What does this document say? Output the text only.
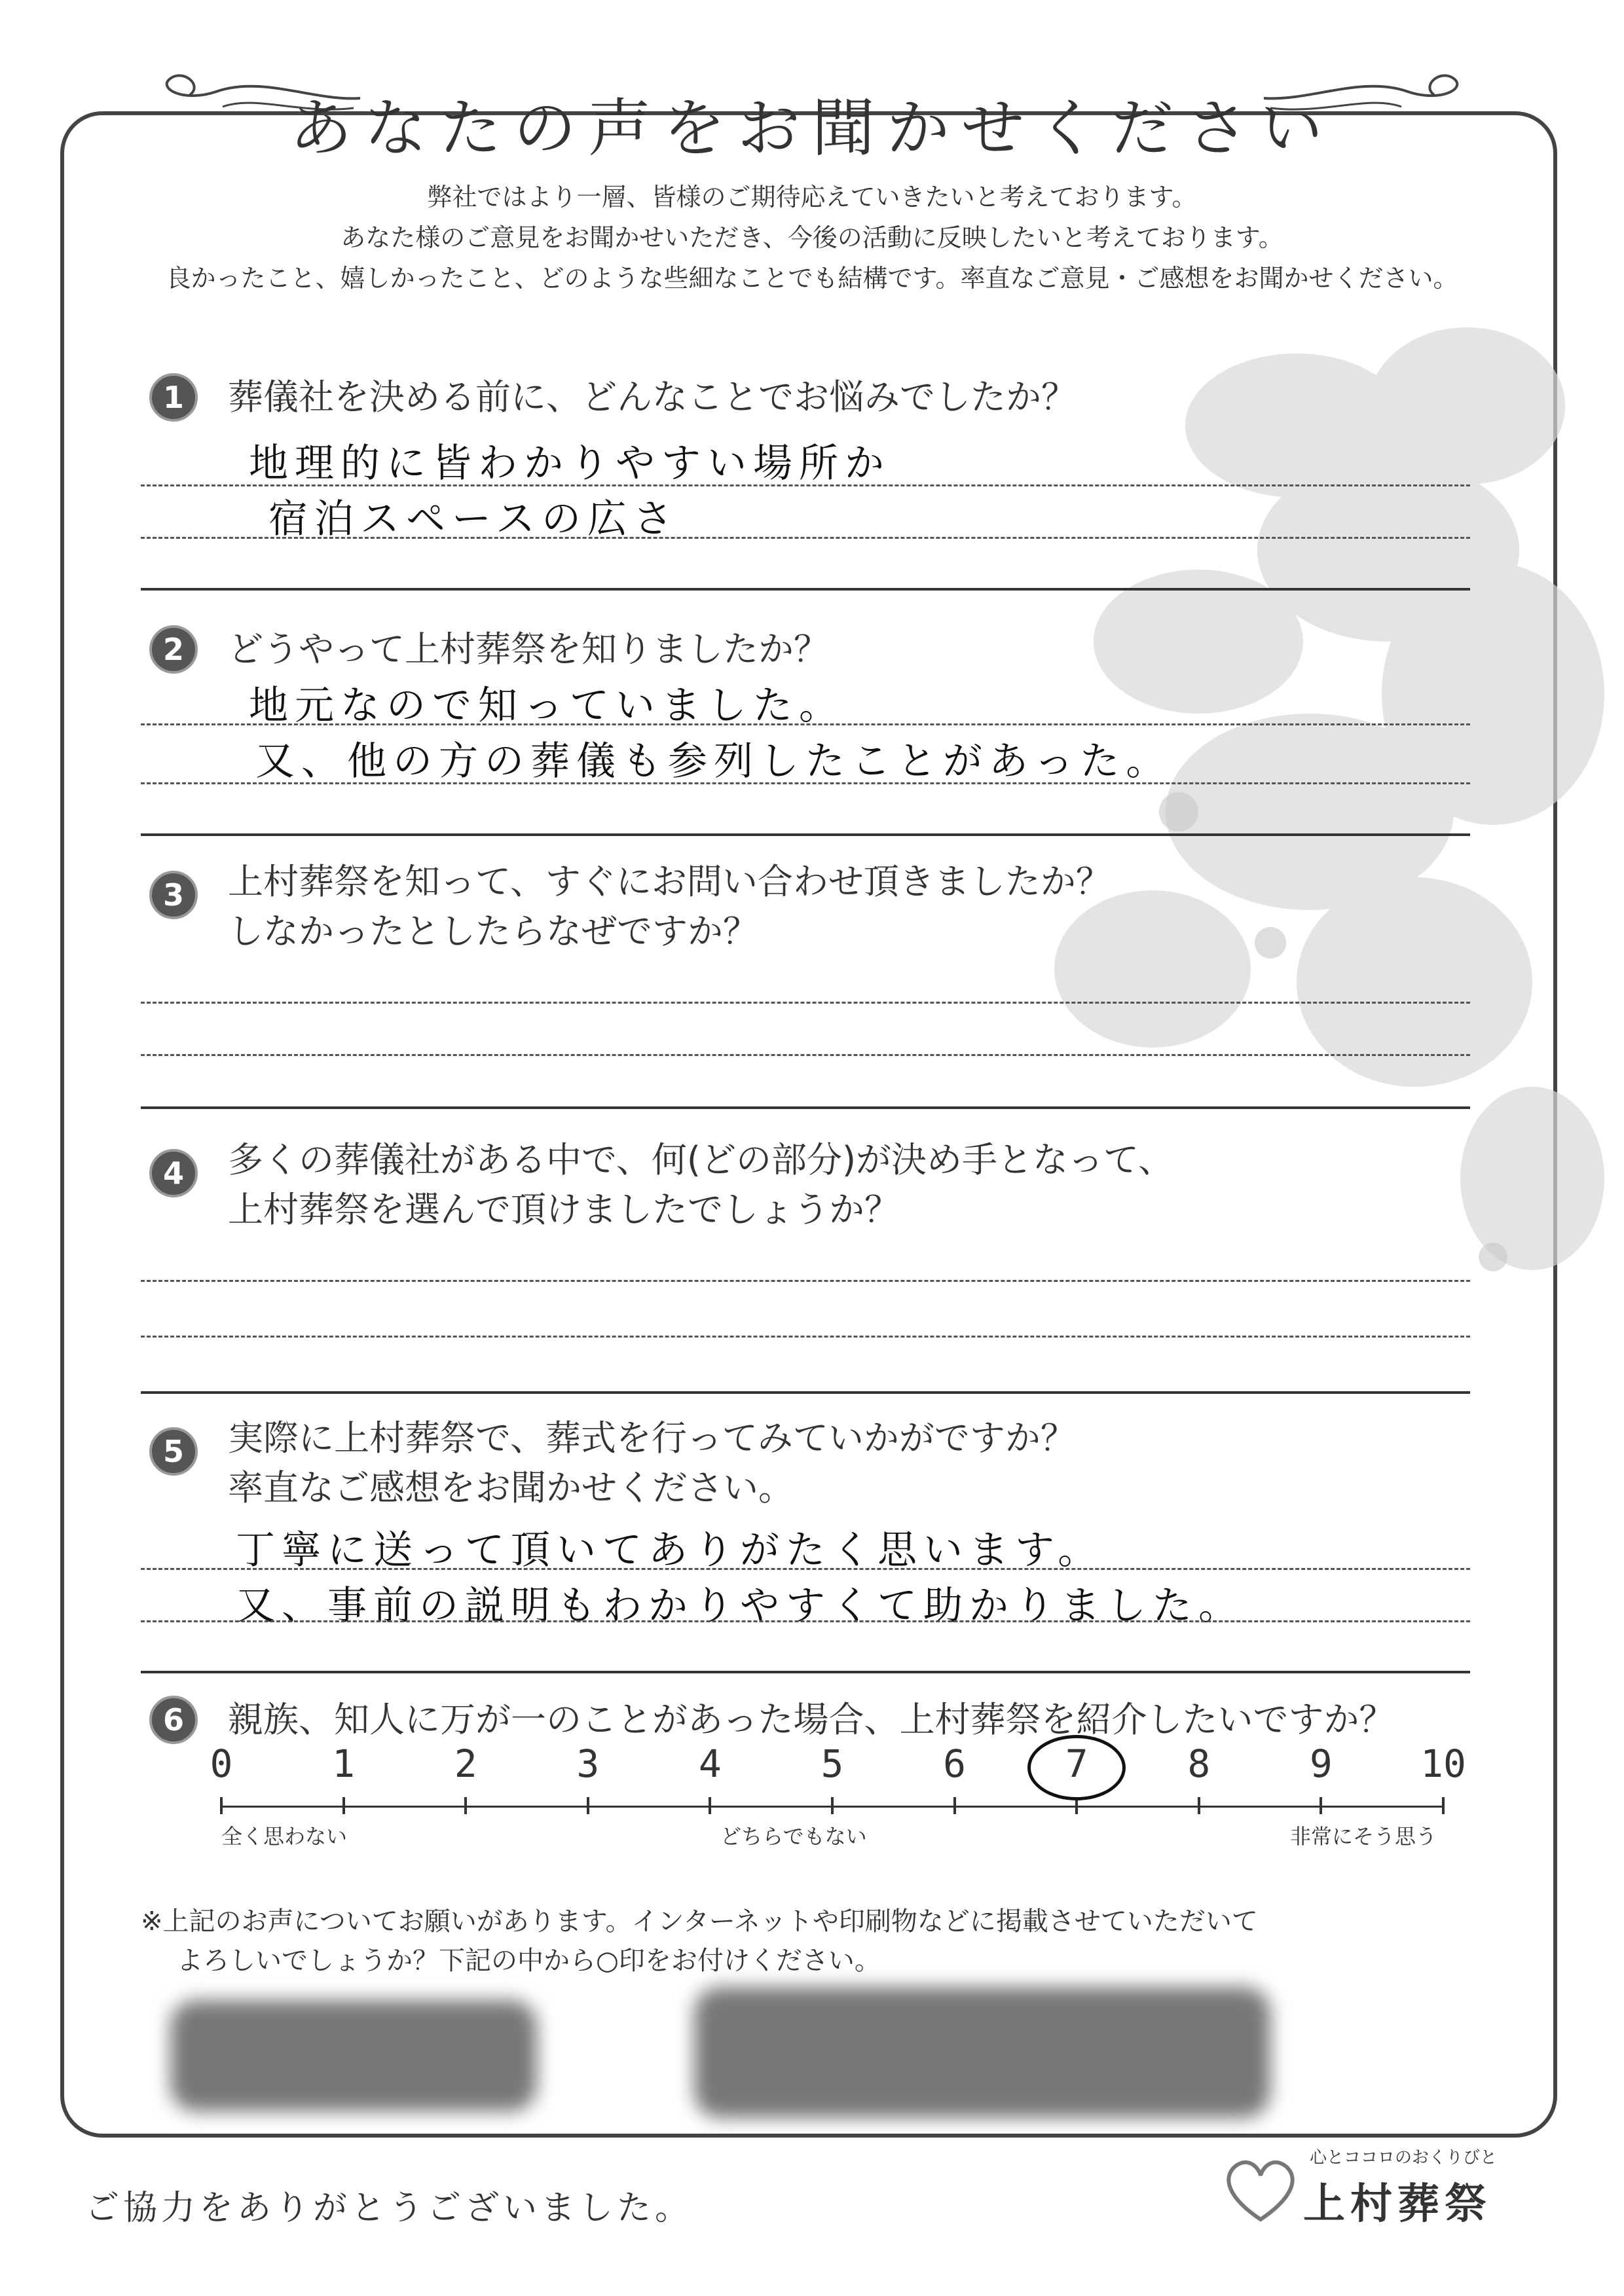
あなたの声をお聞かせください
弊社ではより一層、皆様のご期待応えていきたいと考えております。
あなた様のご意見をお聞かせいただき、今後の活動に反映したいと考えております。
良かったこと、嬉しかったこと、どのような些細なことでも結構です。率直なご意見・ご感想をお聞かせください。
1	葬儀社を決める前に、どんなことでお悩みでしたか？
地理的に皆わかりやすい場所か
宿泊スペースの広さ
2	どうやって上村葬祭を知りましたか？
地元なので知っていました。
又、他の方の葬儀も参列したことがあった。
3	上村葬祭を知って、すぐにお問い合わせ頂きましたか？
しなかったとしたらなぜですか？
4	多くの葬儀社がある中で、何(どの部分)が決め手となって、
上村葬祭を選んで頂けましたでしょうか？
5	実際に上村葬祭で、葬式を行ってみていかがですか？
率直なご感想をお聞かせください。
丁寧に送って頂いてありがたく思います。
又、事前の説明もわかりやすくて助かりました。
6	親族、知人に万が一のことがあった場合、上村葬祭を紹介したいですか？
0	1	2	3	4	5	6	7	8	9	10
全く思わない	どちらでもない	非常にそう思う
※上記のお声についてお願いがあります。インターネットや印刷物などに掲載させていただいて
よろしいでしょうか？下記の中から○印をお付けください。
ご協力をありがとうございました。
心とココロのおくりびと
上村葬祭
